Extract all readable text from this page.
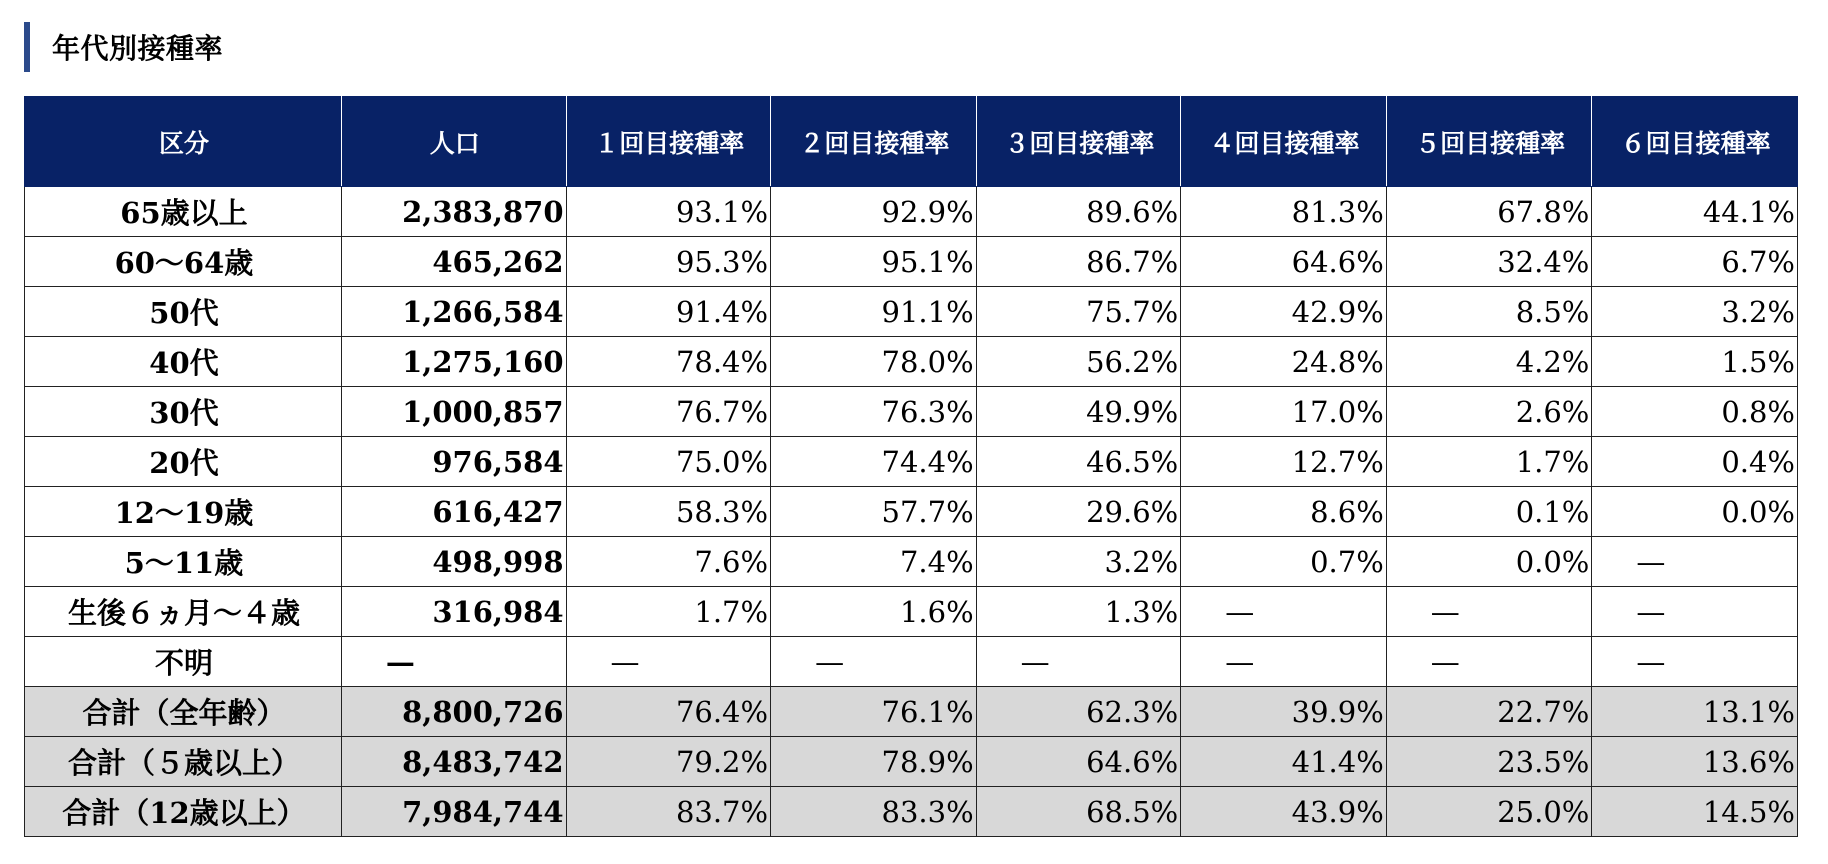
年代別接種率
区分	人口	１回目接種率	２回目接種率	３回目接種率	４回目接種率	５回目接種率	６回目接種率
65歳以上	2,383,870	93.1%	92.9%	89.6%	81.3%	67.8%	44.1%
60〜64歳	465,262	95.3%	95.1%	86.7%	64.6%	32.4%	6.7%
50代	1,266,584	91.4%	91.1%	75.7%	42.9%	8.5%	3.2%
40代	1,275,160	78.4%	78.0%	56.2%	24.8%	4.2%	1.5%
30代	1,000,857	76.7%	76.3%	49.9%	17.0%	2.6%	0.8%
20代	976,584	75.0%	74.4%	46.5%	12.7%	1.7%	0.4%
12〜19歳	616,427	58.3%	57.7%	29.6%	8.6%	0.1%	0.0%
5〜11歳	498,998	7.6%	7.4%	3.2%	0.7%	0.0%	—
生後６ヵ月〜４歳	316,984	1.7%	1.6%	1.3%	—	—	—
不明	—	—	—	—	—	—	—
合計（全年齢）	8,800,726	76.4%	76.1%	62.3%	39.9%	22.7%	13.1%
合計（５歳以上）	8,483,742	79.2%	78.9%	64.6%	41.4%	23.5%	13.6%
合計（12歳以上）	7,984,744	83.7%	83.3%	68.5%	43.9%	25.0%	14.5%
